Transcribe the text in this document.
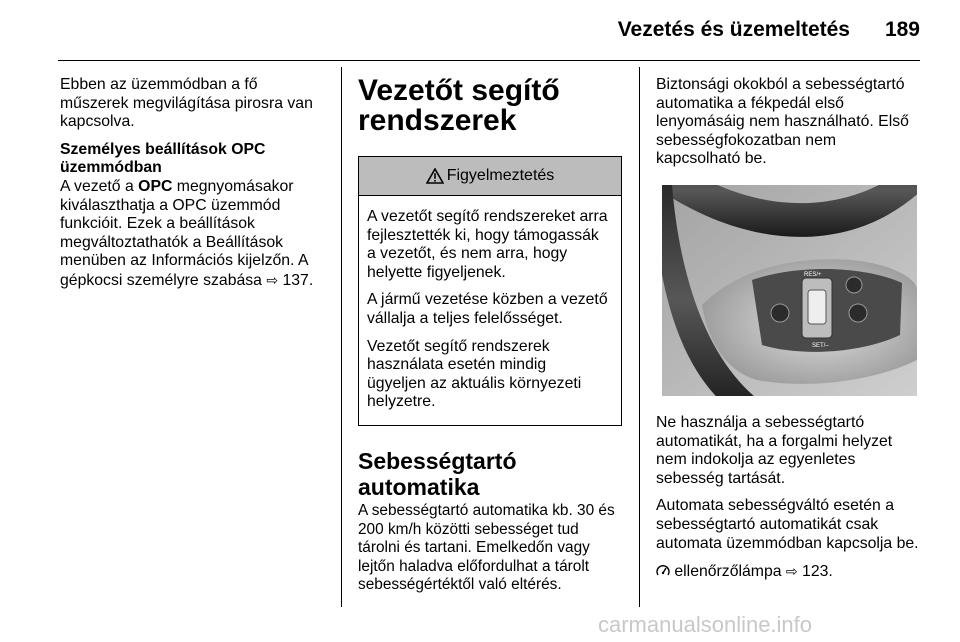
Vezetés és üzemeltetés	189

Ebben az üzemmódban a fő
műszerek megvilágítása pirosra van
kapcsolva.

Személyes beállítások OPC
üzemmódban

A vezető a OPC megnyomásakor
kiválaszthatja a OPC üzemmód
funkcióit. Ezek a beállítások
megváltoztathatók a Beállítások
menüben az Információs kijelzőn. A
gépkocsi személyre szabása ⇨ 137.

Vezetőt segítő
rendszerek
Figyelmeztetés

A vezetőt segítő rendszereket arra
fejlesztették ki, hogy támogassák
a vezetőt, és nem arra, hogy
helyette figyeljenek.

A jármű vezetése közben a vezető
vállalja a teljes felelősséget.

Vezetőt segítő rendszerek
használata esetén mindig
ügyeljen az aktuális környezeti
helyzetre.

Sebességtartó automatika

A sebességtartó automatika kb. 30 és
200 km/h közötti sebességet tud
tárolni és tartani. Emelkedőn vagy
lejtőn haladva előfordulhat a tárolt
sebességértéktől való eltérés.

Biztonsági okokból a sebességtartó
automatika a fékpedál első
lenyomásáig nem használható. Első
sebességfokozatban nem
kapcsolható be.

RES/+
SET/–

Ne használja a sebességtartó
automatikát, ha a forgalmi helyzet
nem indokolja az egyenletes
sebesség tartását.

Automata sebességváltó esetén a
sebességtartó automatikát csak
automata üzemmódban kapcsolja be.

ellenőrzőlámpa ⇨ 123.

carmanualsonline.info
